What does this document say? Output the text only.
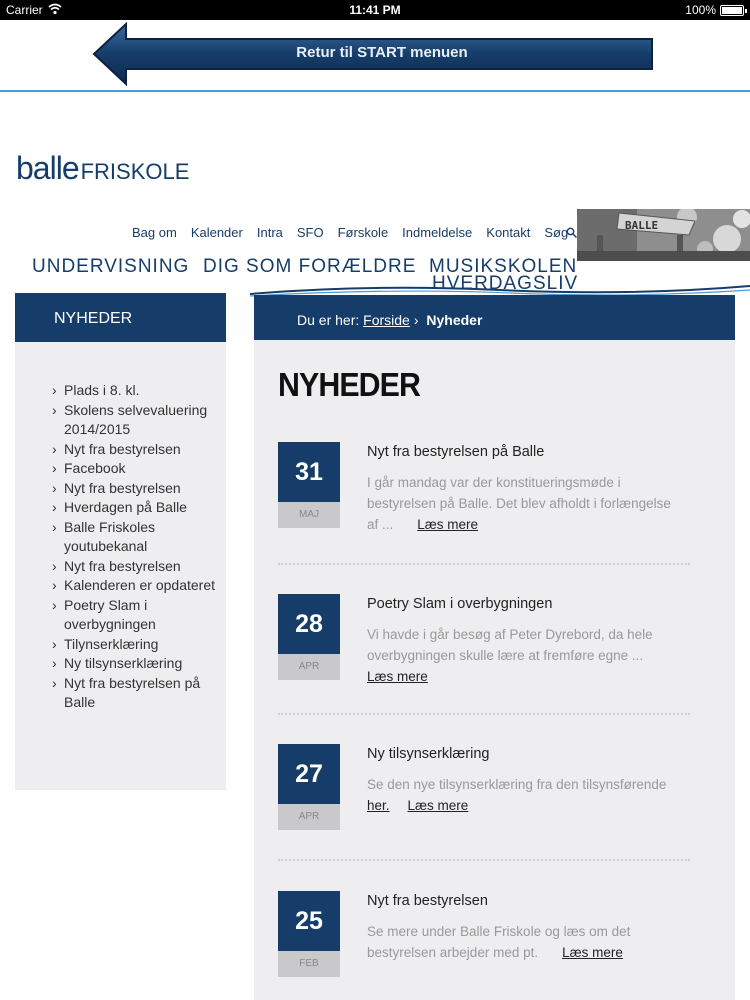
Carrier	11:41 PM	100%
Retur til START menuen
balleFRISKOLE
Bag om Kalender Intra SFO Førskole Indmeldelse Kontakt Søg	BALLE
UNDERVISNING DIG SOM FORÆLDRE MUSIKSKOLEN
HVERDAGSLIV
NYHEDER
› Plads i 8. kl.
› Skolens selvevaluering 2014/2015
› Nyt fra bestyrelsen
› Facebook
› Nyt fra bestyrelsen
› Hverdagen på Balle
› Balle Friskoles youtubekanal
› Nyt fra bestyrelsen
› Kalenderen er opdateret
› Poetry Slam i overbygningen
› Tilynserklæring
› Ny tilsynserklæring
› Nyt fra bestyrelsen på Balle
Du er her: Forside › Nyheder
NYHEDER
31
MAJ
Nyt fra bestyrelsen på Balle
I går mandag var der konstitueringsmøde i bestyrelsen på Balle. Det blev afholdt i forlængelse af ... Læs mere
28
APR
Poetry Slam i overbygningen
Vi havde i går besøg af Peter Dyrebord, da hele overbygningen skulle lære at fremføre egne ...
Læs mere
27
APR
Ny tilsynserklæring
Se den nye tilsynserklæring fra den tilsynsførende her. Læs mere
25
FEB
Nyt fra bestyrelsen
Se mere under Balle Friskole og læs om det bestyrelsen arbejder med pt. Læs mere
